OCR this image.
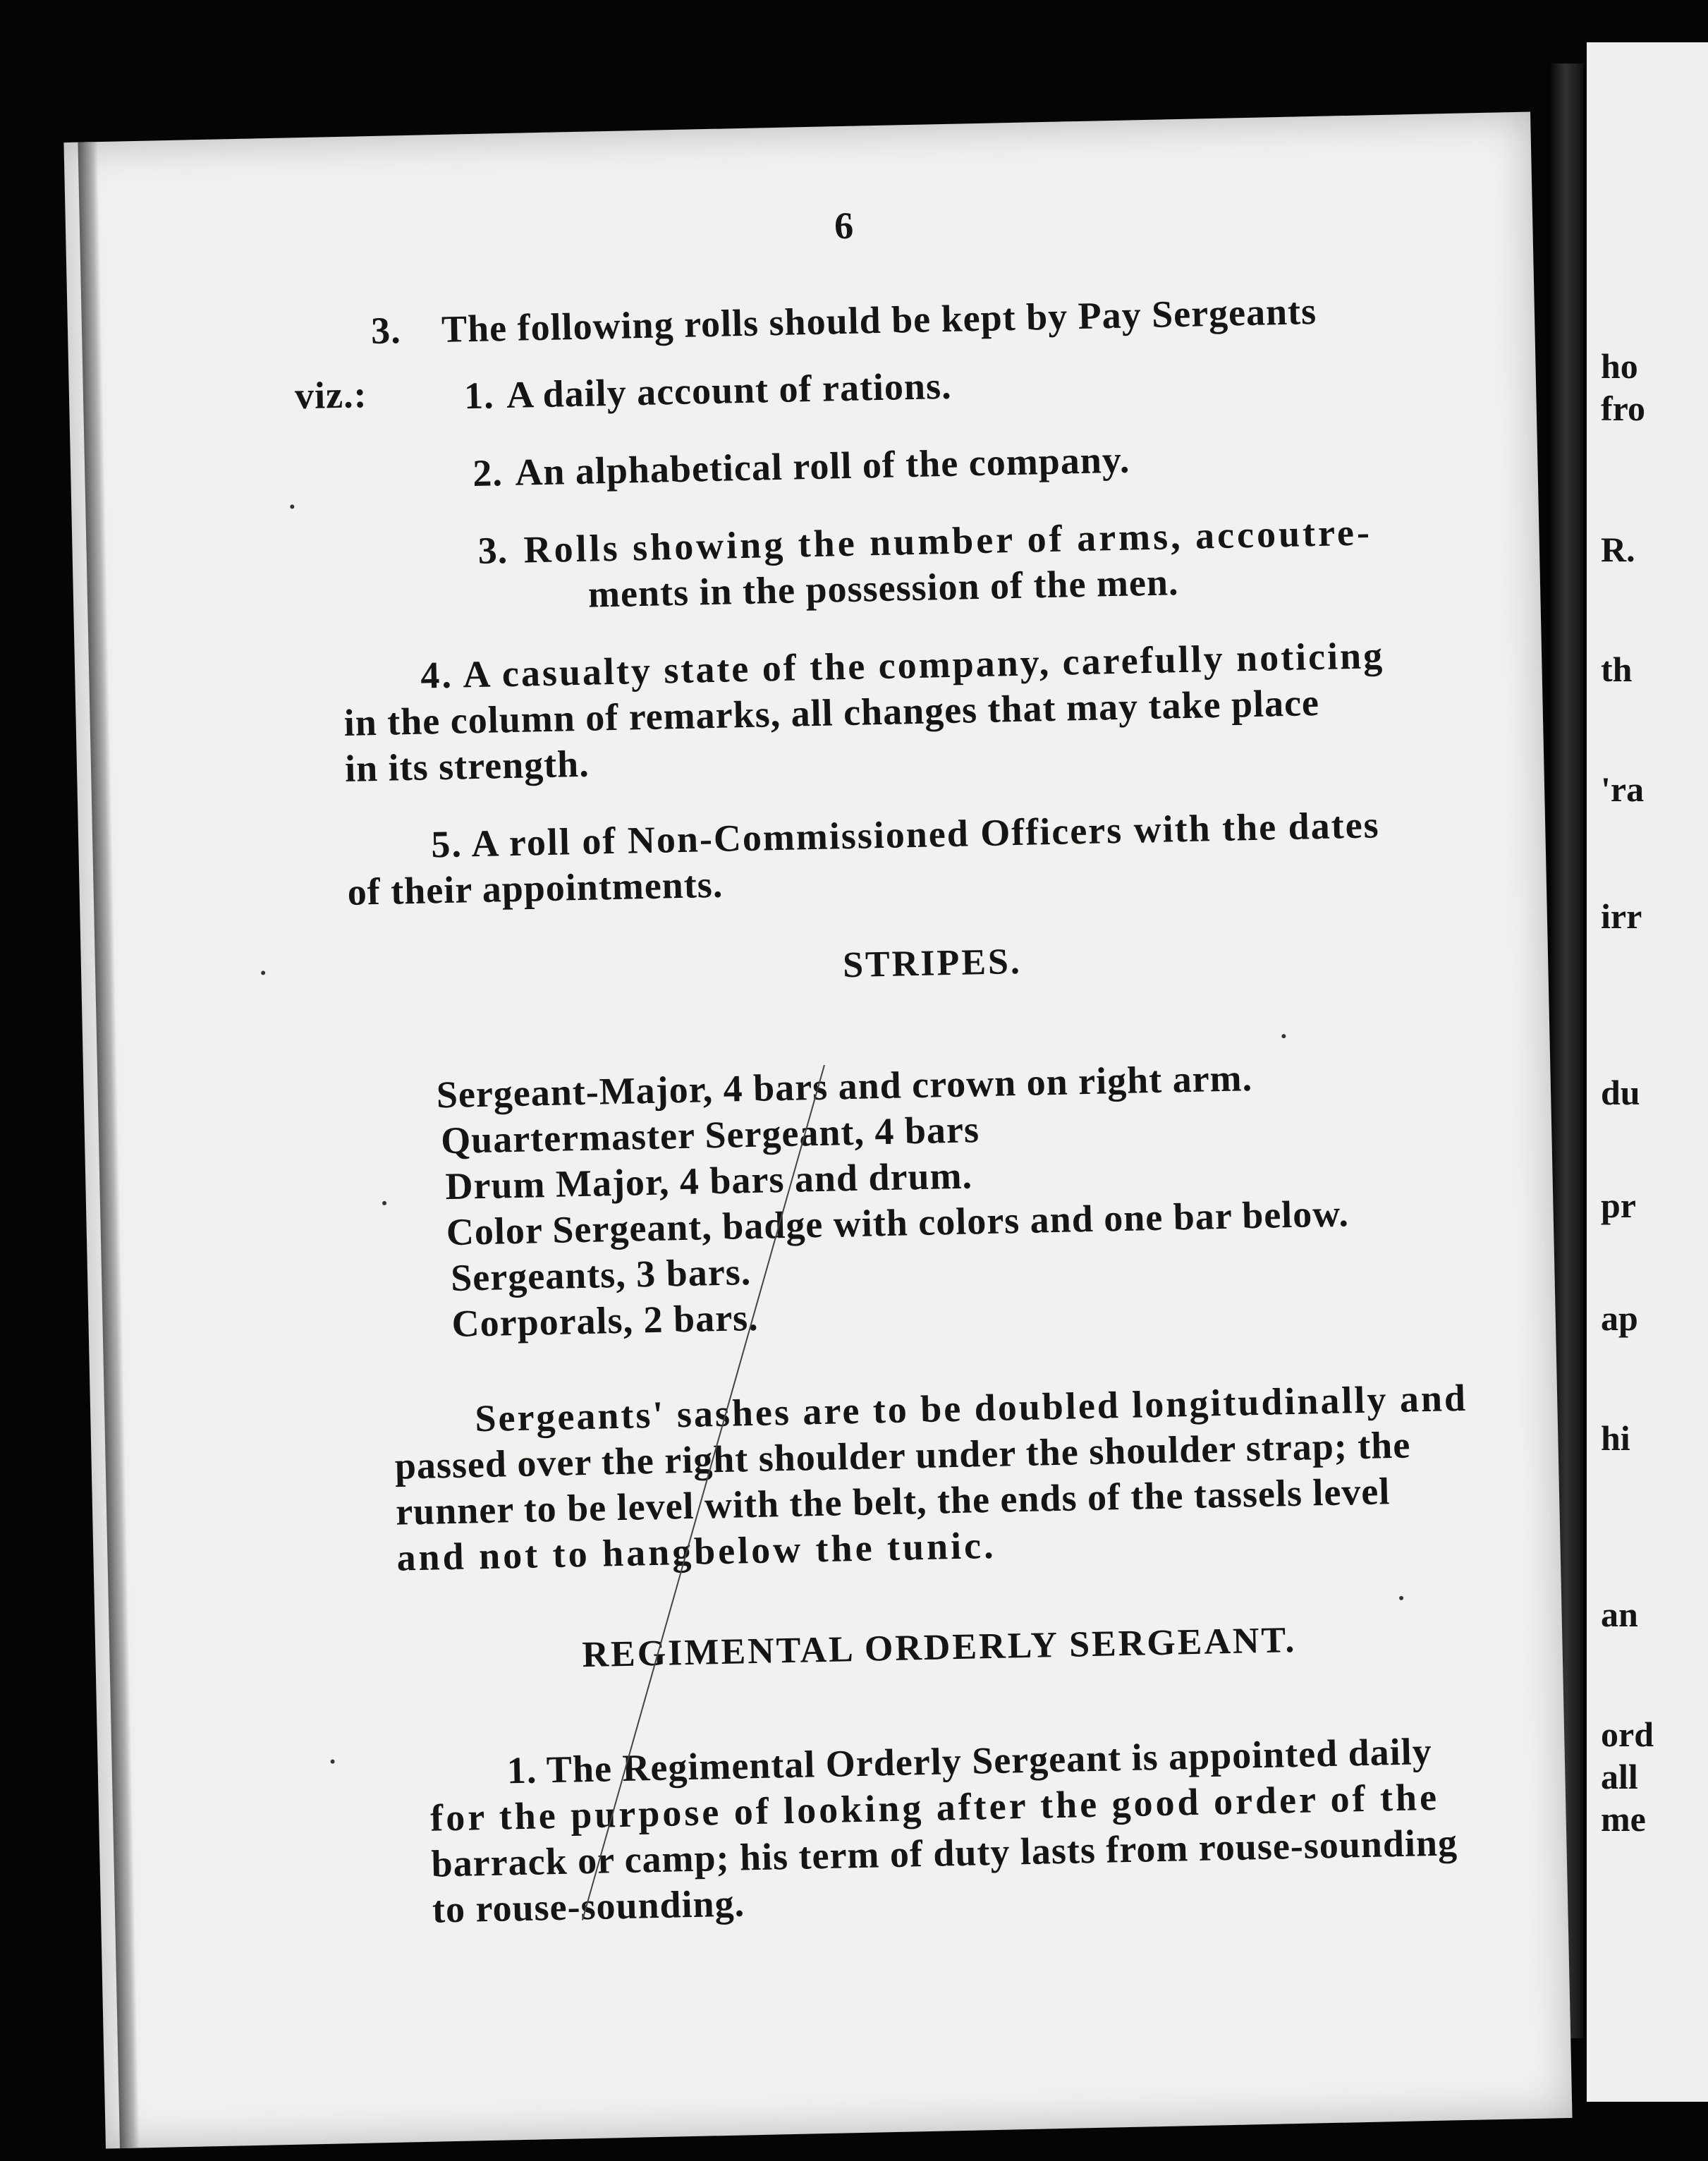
ho
fro
R.
th
'ra
irr
du
pr
ap
hi
an
ord
all
me
6
3. The following rolls should be kept by Pay Sergeants
viz.:	1. A daily account of rations.
2. An alphabetical roll of the company.
3. Rolls showing the number of arms, accoutre-
ments in the possession of the men.
4. A casualty state of the company, carefully noticing
in the column of remarks, all changes that may take place
in its strength.
5. A roll of Non-Commissioned Officers with the dates
of their appointments.
STRIPES.
Sergeant-Major, 4 bars and crown on right arm.
Quartermaster Sergeant, 4 bars
Drum Major, 4 bars and drum.
Color Sergeant, badge with colors and one bar below.
Sergeants, 3 bars.
Corporals, 2 bars.
Sergeants' sashes are to be doubled longitudinally and
passed over the right shoulder under the shoulder strap; the
runner to be level with the belt, the ends of the tassels level
and not to hangbelow the tunic.
REGIMENTAL ORDERLY SERGEANT.
1. The Regimental Orderly Sergeant is appointed daily
for the purpose of looking after the good order of the
barrack or camp; his term of duty lasts from rouse-sounding
to rouse-sounding.
